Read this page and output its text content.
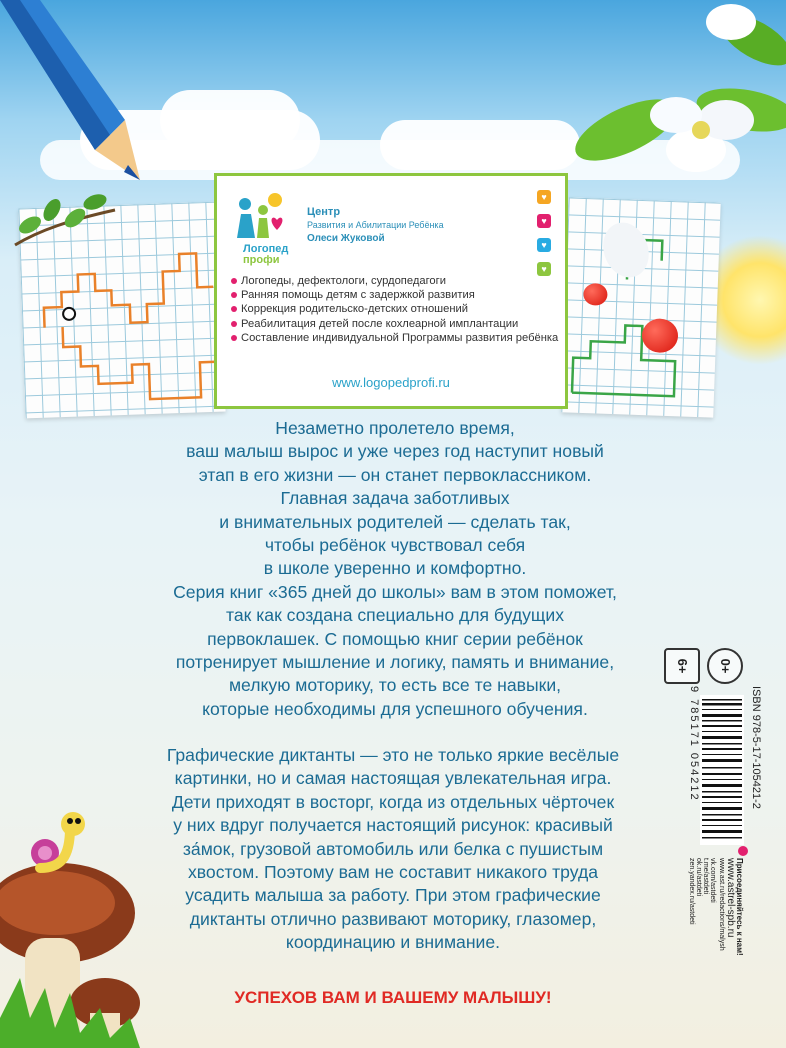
Логопед
профи
Центр
Развития и Абилитации Ребёнка
Олеси Жуковой
♥
♥
♥
♥
Логопеды, дефектологи, сурдопедагоги
Ранняя помощь детям с задержкой развития
Коррекция родительско-детских отношений
Реабилитация детей после кохлеарной имплантации
Составление индивидуальной Программы развития ребёнка
www.logopedprofi.ru
Незаметно пролетело время,
ваш малыш вырос и уже через год наступит новый
этап в его жизни — он станет первоклассником.
Главная задача заботливых
и внимательных родителей — сделать так,
чтобы ребёнок чувствовал себя
в школе уверенно и комфортно.
Серия книг «365 дней до школы» вам в этом поможет,
так как создана специально для будущих
первоклашек. С помощью книг серии ребёнок
потренирует мышление и логику, память и внимание,
мелкую моторику, то есть все те навыки,
которые необходимы для успешного обучения.
Графические диктанты — это не только яркие весёлые
картинки, но и самая настоящая увлекательная игра.
Дети приходят в восторг, когда из отдельных чёрточек
у них вдруг получается настоящий рисунок: красивый
за́мок, грузовой автомобиль или белка с пушистым
хвостом. Поэтому вам не составит никакого труда
усадить малыша за работу. При этом графические
диктанты отлично развивают моторику, глазомер,
координацию и внимание.
УСПЕХОВ ВАМ И ВАШЕМУ МАЛЫШУ!
6+	0+
ISBN 978-5-17-105421-2
9 785171 054212
Присоединяйтесь к нам!
www.astrel-spb.ru
www.ast.ru/redactions/malysh
vk.com/astdeti
t.me/astdeti
ok.ru/astdeti
zen.yandex.ru/astdeti
